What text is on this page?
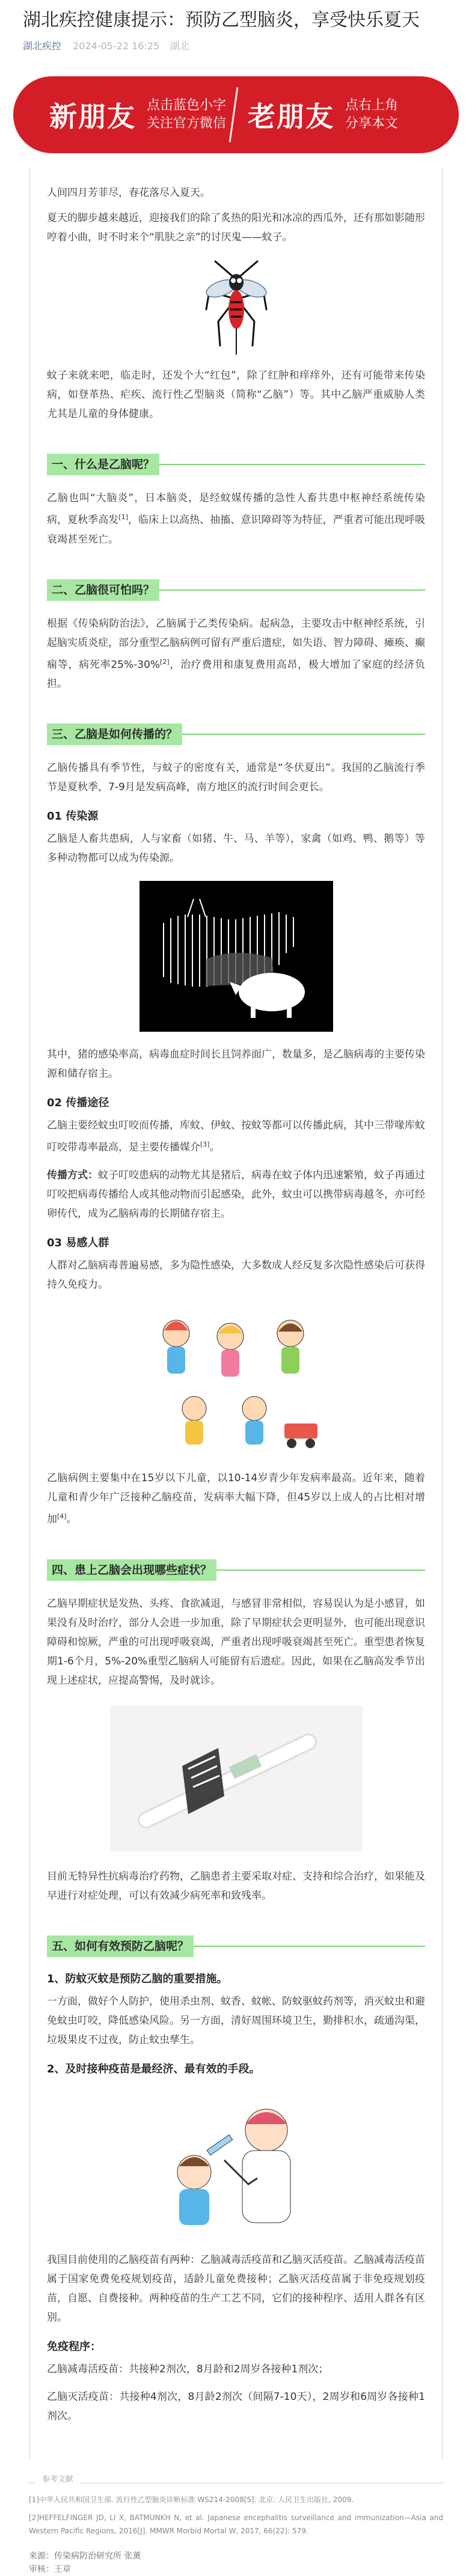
湖北疾控健康提示：预防乙型脑炎，享受快乐夏天
湖北疾控 2024-05-22 16:25 湖北
新朋友 点击蓝色小字
关注官方微信 老朋友 点右上角
分享本文

人间四月芳菲尽，春花落尽入夏天。

夏天的脚步越来越近，迎接我们的除了炙热的阳光和冰凉的西瓜外，还有那如影随形哼着小曲，时不时来个“肌肤之亲”的讨厌鬼——蚊子。

蚊子来就来吧，临走时，还发个大“红包”，除了红肿和痒痒外，还有可能带来传染病，如登革热、疟疾、流行性乙型脑炎（简称“乙脑”）等。其中乙脑严重威胁人类尤其是儿童的身体健康。

一、什么是乙脑呢？

乙脑也叫“大脑炎”，日本脑炎，是经蚊媒传播的急性人畜共患中枢神经系统传染病，夏秋季高发[1]，临床上以高热、抽搐、意识障碍等为特征，严重者可能出现呼吸衰竭甚至死亡。

二、乙脑很可怕吗？

根据《传染病防治法》，乙脑属于乙类传染病。起病急，主要攻击中枢神经系统，引起脑实质炎症，部分重型乙脑病例可留有严重后遗症，如失语、智力障碍、瘫痪、癫痫等，病死率25%-30%[2]，治疗费用和康复费用高昂，极大增加了家庭的经济负担。

三、乙脑是如何传播的？

乙脑传播具有季节性，与蚊子的密度有关，通常是“冬伏夏出”。我国的乙脑流行季节是夏秋季，7-9月是发病高峰，南方地区的流行时间会更长。

01 传染源

乙脑是人畜共患病，人与家畜（如猪、牛、马、羊等），家禽（如鸡、鸭、鹅等）等多种动物都可以成为传染源。

其中，猪的感染率高，病毒血症时间长且饲养面广，数量多，是乙脑病毒的主要传染源和储存宿主。

02 传播途径

乙脑主要经蚊虫叮咬而传播，库蚊、伊蚊、按蚊等都可以传播此病，其中三带喙库蚊叮咬带毒率最高，是主要传播媒介[3]。

传播方式：蚊子叮咬患病的动物尤其是猪后，病毒在蚊子体内迅速繁殖，蚊子再通过叮咬把病毒传播给人或其他动物而引起感染，此外，蚊虫可以携带病毒越冬，亦可经卵传代，成为乙脑病毒的长期储存宿主。

03 易感人群

人群对乙脑病毒普遍易感，多为隐性感染，大多数成人经反复多次隐性感染后可获得持久免疫力。

乙脑病例主要集中在15岁以下儿童，以10-14岁青少年发病率最高。近年来，随着儿童和青少年广泛接种乙脑疫苗，发病率大幅下降，但45岁以上成人的占比相对增加[4]。

四、患上乙脑会出现哪些症状？

乙脑早期症状是发热、头疼、食欲减退，与感冒非常相似，容易误认为是小感冒，如果没有及时治疗，部分人会进一步加重，除了早期症状会更明显外，也可能出现意识障碍和惊厥，严重的可出现呼吸衰竭，严重者出现呼吸衰竭甚至死亡。重型患者恢复期1-6个月，5%-20%重型乙脑病人可能留有后遗症。因此，如果在乙脑高发季节出现上述症状，应提高警惕，及时就诊。

目前无特异性抗病毒治疗药物，乙脑患者主要采取对症、支持和综合治疗，如果能及早进行对症处理，可以有效减少病死率和致残率。

五、如何有效预防乙脑呢？
1、防蚊灭蚊是预防乙脑的重要措施。

一方面，做好个人防护，使用杀虫剂、蚊香、蚊帐、防蚊驱蚊药剂等，消灭蚊虫和避免蚊虫叮咬，降低感染风险。另一方面，清好周围环境卫生，勤排积水，疏通沟渠，垃圾果皮不过夜，防止蚊虫孳生。

2、及时接种疫苗是最经济、最有效的手段。

我国目前使用的乙脑疫苗有两种：乙脑减毒活疫苗和乙脑灭活疫苗。乙脑减毒活疫苗属于国家免费免疫规划疫苗，适龄儿童免费接种；乙脑灭活疫苗属于非免疫规划疫苗，自愿、自费接种。两种疫苗的生产工艺不同，它们的接种程序、适用人群各有区别。

免疫程序：

乙脑减毒活疫苗：共接种2剂次，8月龄和2周岁各接种1剂次；

乙脑灭活疫苗：共接种4剂次，8月龄2剂次（间隔7-10天），2周岁和6周岁各接种1剂次。

参考文献

[1]中华人民共和国卫生部. 流行性乙型脑炎诊断标准 WS214-2008[S]. 北京: 人民卫生出版社, 2009.

[2]HEFFELFINGER JD, LI X, BATMUNKH N, et al. Japanese encephalitis surveillance and immunization—Asia and Western Pacific Regions, 2016[J]. MMWR Morbid Mortal W, 2017, 66(22): 579.

来源：传染病防治研究所 张薰

审核：王章
